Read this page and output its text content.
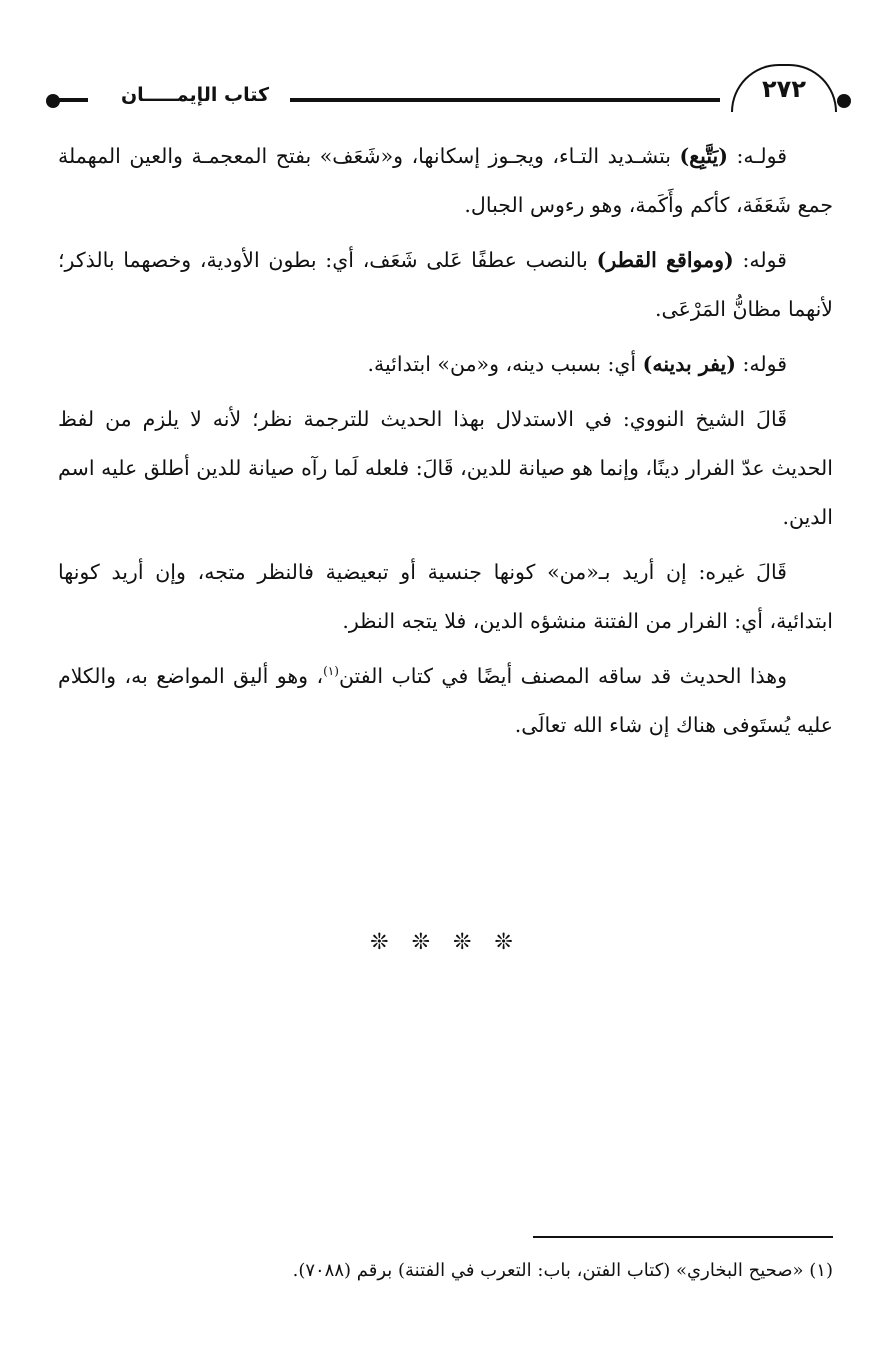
٢٧٢
كتاب الإيمـــــان

قولـه: (يَتَّبِع) بتشـديد التـاء، ويجـوز إسكانها، و«شَعَف» بفتح المعجمـة والعين المهملة جمع شَعَفَة، كأكم وأَكَمة، وهو رءوس الجبال.

قوله: (ومواقع القطر) بالنصب عطفًا عَلى شَعَف، أي: بطون الأودية، وخصهما بالذكر؛ لأنهما مظانُّ المَرْعَى.

قوله: (يفر بدينه) أي: بسبب دينه، و«من» ابتدائية.

قَالَ الشيخ النووي: في الاستدلال بهذا الحديث للترجمة نظر؛ لأنه لا يلزم من لفظ الحديث عدّ الفرار دينًا، وإنما هو صيانة للدين، قَالَ: فلعله لَما رآه صيانة للدين أطلق عليه اسم الدين.

قَالَ غيره: إن أريد بـ«من» كونها جنسية أو تبعيضية فالنظر متجه، وإن أريد كونها ابتدائية، أي: الفرار من الفتنة منشؤه الدين، فلا يتجه النظر.

وهذا الحديث قد ساقه المصنف أيضًا في كتاب الفتن$^{(١)}$، وهو أليق المواضع به، والكلام عليه يُستَوفى هناك إن شاء الله تعالَى.

❊ ❊ ❊ ❊
(١) «صحيح البخاري» (كتاب الفتن، باب: التعرب في الفتنة) برقم (٧٠٨٨).
